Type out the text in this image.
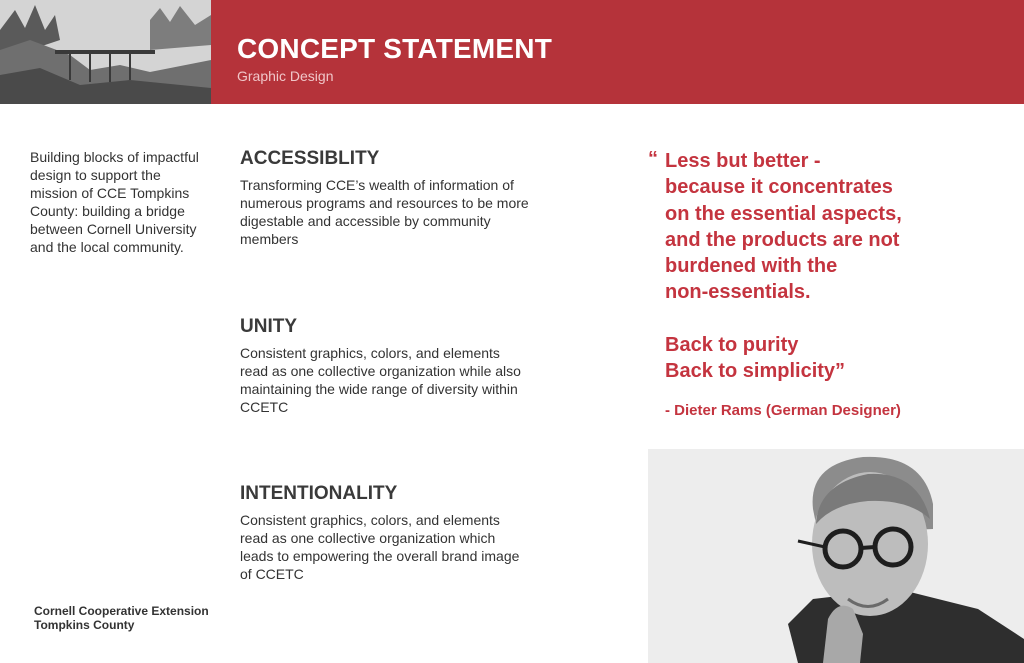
CONCEPT STATEMENT

Graphic Design

Building blocks of impactful design to support the mission of CCE Tompkins County: building a bridge between Cornell University and the local community.

ACCESSIBLITY

Transforming CCE’s wealth of information of numerous programs and resources to be more digestable and accessible by community members

UNITY

Consistent graphics, colors, and elements read as one collective organization while also maintaining the wide range of diversity within CCETC

INTENTIONALITY

Consistent graphics, colors, and elements read as one collective organization which leads to empowering the overall brand image of CCETC

“ Less but better -
because it concentrates
on the essential aspects,
and the products are not
burdened with the
non-essentials.
Back to purity
Back to simplicity”

- Dieter Rams (German Designer)

Cornell Cooperative Extension
Tompkins County
